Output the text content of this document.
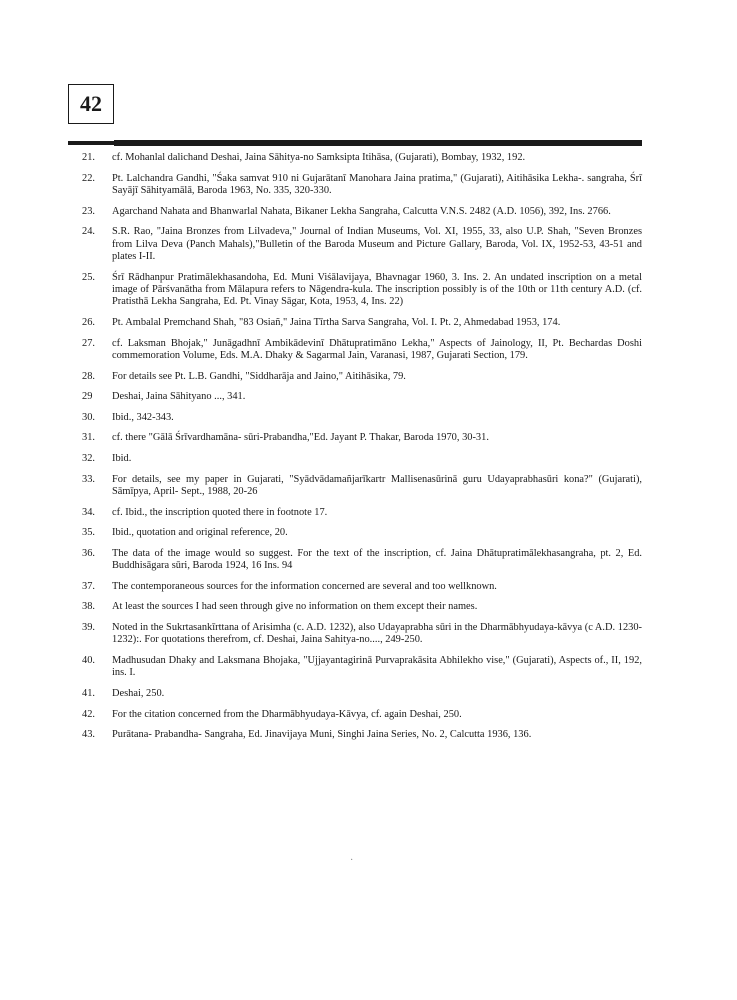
42
21.	cf. Mohanlal dalichand Deshai, Jaina Sāhitya-no Samksipta Itihāsa, (Gujarati), Bombay, 1932, 192.
22.	Pt. Lalchandra Gandhi, "Śaka samvat 910 ni Gujarātanī Manohara Jaina pratima," (Gujarati), Aitihāsika Lekha-. sangraha, Śrī Sayājī Sāhityamālā, Baroda 1963, No. 335, 320-330.
23.	Agarchand Nahata and Bhanwarlal Nahata, Bikaner Lekha Sangraha, Calcutta V.N.S. 2482 (A.D. 1056), 392, Ins. 2766.
24.	S.R. Rao, "Jaina Bronzes from Lilvadeva," Journal of Indian Museums, Vol. XI, 1955, 33, also U.P. Shah, "Seven Bronzes from Lilva Deva (Panch Mahals),"Bulletin of the Baroda Museum and Picture Gallary, Baroda, Vol. IX, 1952-53, 43-51 and plates I-II.
25.	Śrī Rādhanpur Pratimālekhasandoha, Ed. Muni Viśālavijaya, Bhavnagar 1960, 3. Ins. 2. An undated inscription on a metal image of Pārśvanātha from Mālapura refers to Nāgendra-kula. The inscription possibly is of the 10th or 11th century A.D. (cf. Pratisthā Lekha Sangraha, Ed. Pt. Vinay Sāgar, Kota, 1953, 4, Ins. 22)
26.	Pt. Ambalal Premchand Shah, "83 Osiañ," Jaina Tīrtha Sarva Sangraha, Vol. I. Pt. 2, Ahmedabad 1953, 174.
27.	cf. Laksman Bhojak," Junāgadhnī Ambikādevinī Dhātupratimāno Lekha," Aspects of Jainology, II, Pt. Bechardas Doshi commemoration Volume, Eds. M.A. Dhaky & Sagarmal Jain, Varanasi, 1987, Gujarati Section, 179.
28.	For details see Pt. L.B. Gandhi, "Siddharāja and Jaino," Aitihāsika, 79.
29	Deshai, Jaina Sāhityano ..., 341.
30.	Ibid., 342-343.
31.	cf. there "Gālā Śrīvardhamāna- sūri-Prabandha,"Ed. Jayant P. Thakar, Baroda 1970, 30-31.
32.	Ibid.
33.	For details, see my paper in Gujarati, "Syādvādamañjarīkartr Mallisenasūrinā guru Udayaprabhasūri kona?" (Gujarati), Sāmīpya, April- Sept., 1988, 20-26
34.	cf. Ibid., the inscription quoted there in footnote 17.
35.	Ibid., quotation and original reference, 20.
36.	The data of the image would so suggest. For the text of the inscription, cf. Jaina Dhātupratimālekhasangraha, pt. 2, Ed. Buddhisāgara sūri, Baroda 1924, 16 Ins. 94
37.	The contemporaneous sources for the information concerned are several and too wellknown.
38.	At least the sources I had seen through give no information on them except their names.
39.	Noted in the Sukrtasankīrttana of Arisimha (c. A.D. 1232), also Udayaprabha sūri in the Dharmābhyudaya-kāvya (c A.D. 1230-1232):. For quotations therefrom, cf. Deshai, Jaina Sahitya-no...., 249-250.
40.	Madhusudan Dhaky and Laksmana Bhojaka, "Ujjayantagirinā Purvaprakāsita Abhilekho vise," (Gujarati), Aspects of., II, 192, ins. I.
41.	Deshai, 250.
42.	For the citation concerned from the Dharmābhyudaya-Kāvya, cf. again Deshai, 250.
43.	Purātana- Prabandha- Sangraha, Ed. Jinavijaya Muni, Singhi Jaina Series, No. 2, Calcutta 1936, 136.
·
